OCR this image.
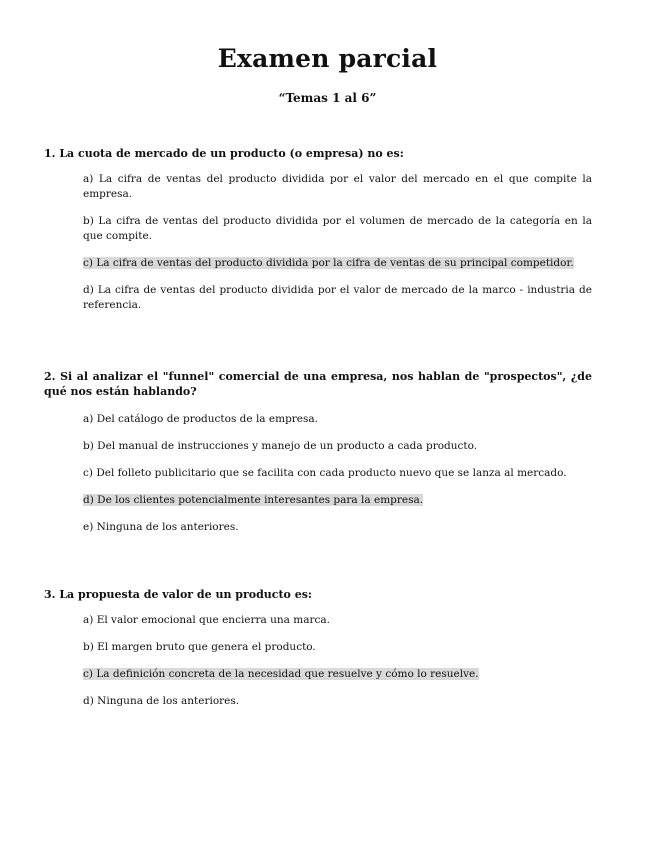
Examen parcial
“Temas 1 al 6”
1. La cuota de mercado de un producto (o empresa) no es:
a) La cifra de ventas del producto dividida por el valor del mercado en el que compite la empresa.
b) La cifra de ventas del producto dividida por el volumen de mercado de la categoría en la que compite.
c) La cifra de ventas del producto dividida por la cifra de ventas de su principal competidor.
d) La cifra de ventas del producto dividida por el valor de mercado de la marco - industria de referencia.
2. Si al analizar el "funnel" comercial de una empresa, nos hablan de "prospectos", ¿de qué nos están hablando?
a) Del catálogo de productos de la empresa.
b) Del manual de instrucciones y manejo de un producto a cada producto.
c) Del folleto publicitario que se facilita con cada producto nuevo que se lanza al mercado.
d) De los clientes potencialmente interesantes para la empresa.
e) Ninguna de los anteriores.
3. La propuesta de valor de un producto es:
a) El valor emocional que encierra una marca.
b) El margen bruto que genera el producto.
c) La definición concreta de la necesidad que resuelve y cómo lo resuelve.
d) Ninguna de los anteriores.
